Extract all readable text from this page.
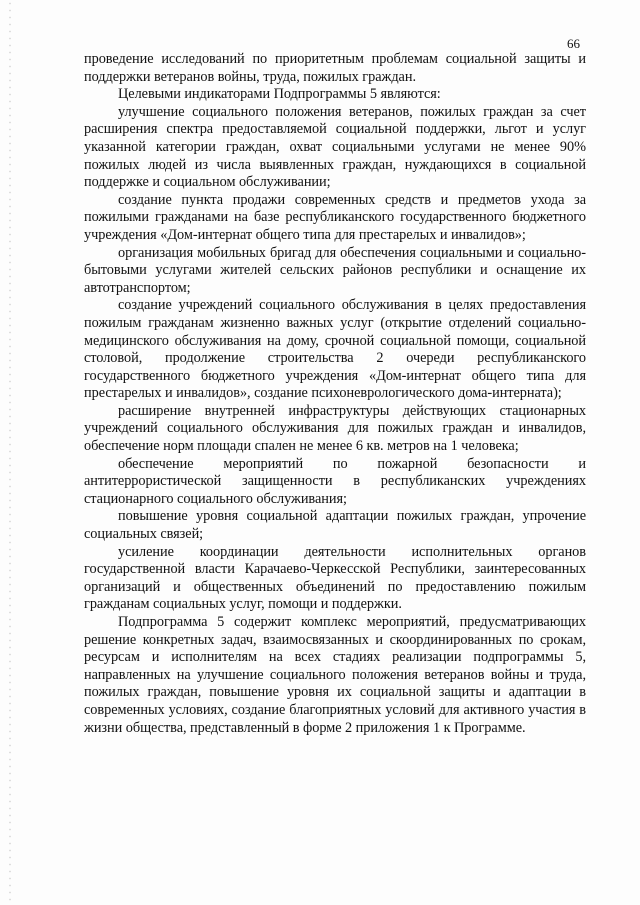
66

проведение исследований по приоритетным проблемам социальной защиты и поддержки ветеранов войны, труда, пожилых граждан.

Целевыми индикаторами Подпрограммы 5 являются:

улучшение социального положения ветеранов, пожилых граждан за счет расширения спектра предоставляемой социальной поддержки, льгот и услуг указанной категории граждан, охват социальными услугами не менее 90% пожилых людей из числа выявленных граждан, нуждающихся в социальной поддержке и социальном обслуживании;

создание пункта продажи современных средств и предметов ухода за пожилыми гражданами на базе республиканского государственного бюджетного учреждения «Дом-интернат общего типа для престарелых и инвалидов»;

организация мобильных бригад для обеспечения социальными и социально-бытовыми услугами жителей сельских районов республики и оснащение их автотранспортом;

создание учреждений социального обслуживания в целях предоставления пожилым гражданам жизненно важных услуг (открытие отделений социально-медицинского обслуживания на дому, срочной социальной помощи, социальной столовой, продолжение строительства 2 очереди республиканского государственного бюджетного учреждения «Дом-интернат общего типа для престарелых и инвалидов», создание психоневрологического дома-интерната);

расширение внутренней инфраструктуры действующих стационарных учреждений социального обслуживания для пожилых граждан и инвалидов, обеспечение норм площади спален не менее 6 кв. метров на 1 человека;

обеспечение мероприятий по пожарной безопасности и антитеррористической защищенности в республиканских учреждениях стационарного социального обслуживания;

повышение уровня социальной адаптации пожилых граждан, упрочение социальных связей;

усиление координации деятельности исполнительных органов государственной власти Карачаево-Черкесской Республики, заинтересованных организаций и общественных объединений по предоставлению пожилым гражданам социальных услуг, помощи и поддержки.

Подпрограмма 5 содержит комплекс мероприятий, предусматривающих решение конкретных задач, взаимосвязанных и скоординированных по срокам, ресурсам и исполнителям на всех стадиях реализации подпрограммы 5, направленных на улучшение социального положения ветеранов войны и труда, пожилых граждан, повышение уровня их социальной защиты и адаптации в современных условиях, создание благоприятных условий для активного участия в жизни общества, представленный в форме 2 приложения 1 к Программе.
